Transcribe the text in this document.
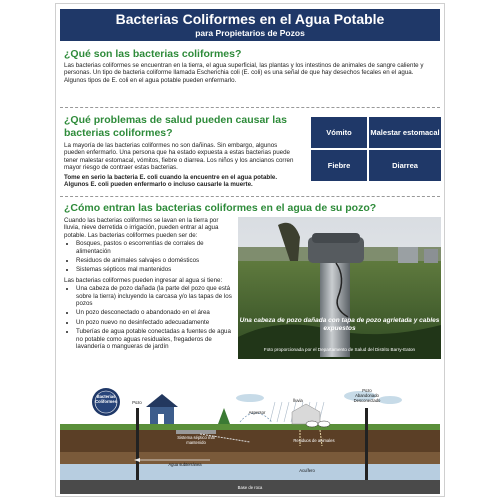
Bacterias Coliformes en el Agua Potable
para Propietarios de Pozos
¿Qué son las bacterias coliformes?

Las bacterias coliformes se encuentran en la tierra, el agua superficial, las plantas y los intestinos de animales de sangre caliente y personas. Un tipo de bacteria coliforme llamada Escherichia coli (E. coli) es una señal de que hay desechos fecales en el agua. Algunos tipos de E. coli en el agua potable pueden enfermarlo.

¿Qué problemas de salud pueden causar las bacterias coliformes?

La mayoría de las bacterias coliformes no son dañinas. Sin embargo, algunos pueden enfermarlo. Una persona que ha estado expuesta a estas bacterias puede tener malestar estomacal, vómitos, fiebre o diarrea. Los niños y los ancianos corren mayor riesgo de contraer estas bacterias.

Tome en serio la bacteria E. coli cuando la encuentre en el agua potable. Algunos E. coli pueden enfermarlo o incluso causarle la muerte.

Vómito	Malestar estomacal
Fiebre	Diarrea
¿Cómo entran las bacterias coliformes en el agua de su pozo?

Cuando las bacterias coliformes se lavan en la tierra por lluvia, nieve derretida o irrigación, pueden entrar al agua potable. Las bacterias coliformes pueden ser de:

• Bosques, pastos o escorrentías de corrales de alimentación
• Residuos de animales salvajes o domésticos
• Sistemas sépticos mal mantenidos

Las bacterias coliformes pueden ingresar al agua si tiene:

• Una cabeza de pozo dañada (la parte del pozo que está sobre la tierra) incluyendo la carcasa y/o las tapas de los pozos
• Un pozo desconectado o abandonado en el área
• Un pozo nuevo no desinfectado adecuadamente
• Tuberías de agua potable conectadas a fuentes de agua no potable como aguas residuales, fregaderos de lavandería o mangueras de jardín
Una cabeza de pozo dañada con tapa de pozo agrietada y cables expuestos
Foto proporcionada por el Departamento de Salud del Distrito Barry-Eaton
Bacterias Coliformes	Pozo
Pozo Abandonado Desconectado
Aspersor
lluvia
Sistema séptico mal mantenido	Residuos de animales
Agua subterránea
Acuífero
Base de roca
